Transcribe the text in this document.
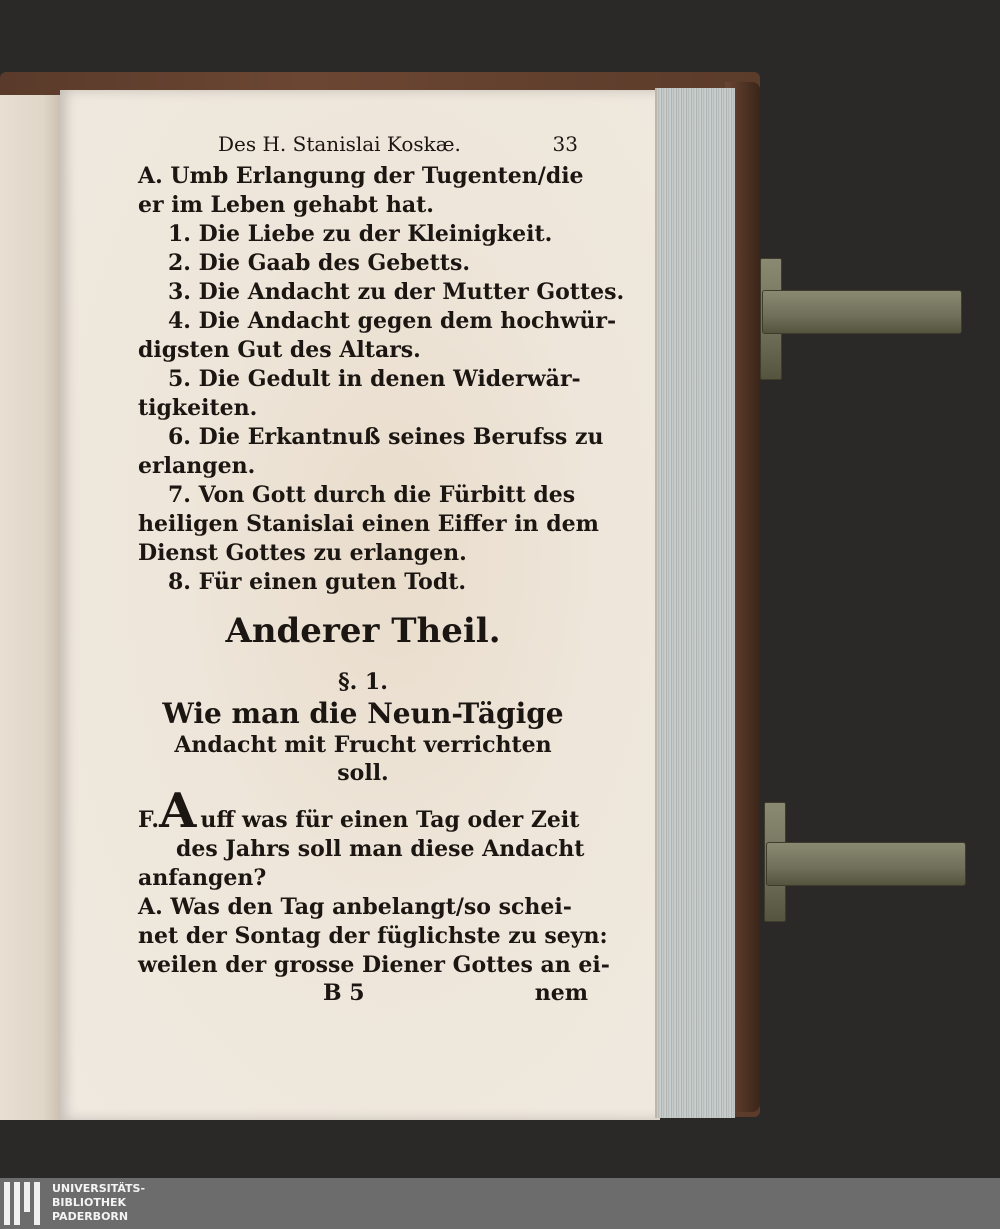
Des H. Stanislai Koskæ.	33
A. Umb Erlangung der Tugenten/die
er im Leben gehabt hat.
1. Die Liebe zu der Kleinigkeit.
2. Die Gaab des Gebetts.
3. Die Andacht zu der Mutter Gottes.
4. Die Andacht gegen dem hochwür-
digsten Gut des Altars.
5. Die Gedult in denen Widerwär-
tigkeiten.
6. Die Erkantnuß seines Berufss zu
erlangen.
7. Von Gott durch die Fürbitt des
heiligen Stanislai einen Eiffer in dem
Dienst Gottes zu erlangen.
8. Für einen guten Todt.
Anderer Theil.
§. 1.
Wie man die Neun-Tägige
Andacht mit Frucht verrichten
soll.
F.A uff was für einen Tag oder Zeit
des Jahrs soll man diese Andacht
anfangen?
A. Was den Tag anbelangt/so schei-
net der Sontag der füglichste zu seyn:
weilen der grosse Diener Gottes an ei-
B 5	nem
UNIVERSITÄTS-
BIBLIOTHEK
PADERBORN
